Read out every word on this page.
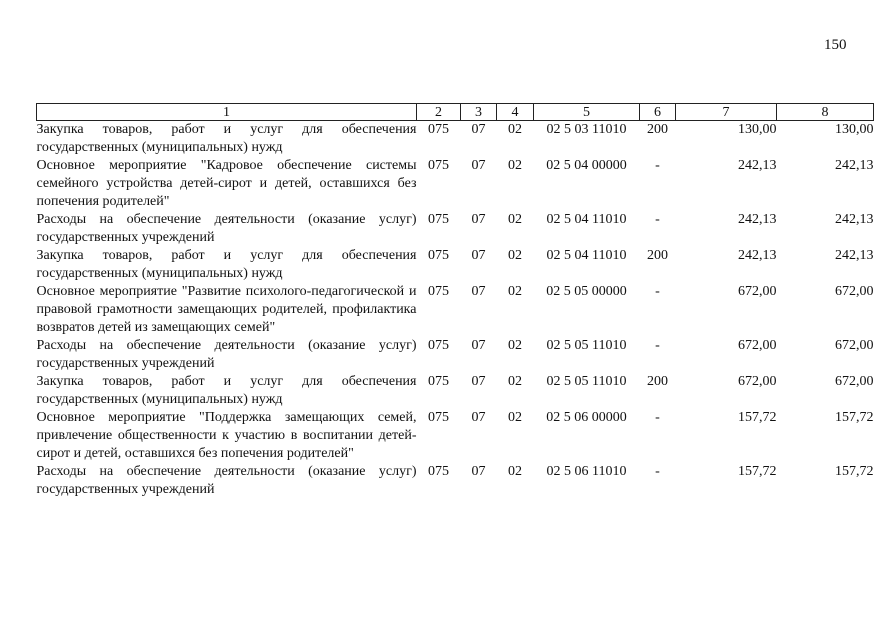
150
1	2	3	4	5	6	7	8
Закупка товаров, работ и услуг для обеспечения государственных (муниципальных) нужд	075	07	02	02 5 03 11010	200	130,00	130,00
Основное мероприятие "Кадровое обеспечение системы семейного устройства детей-сирот и детей, оставшихся без попечения родителей"	075	07	02	02 5 04 00000	-	242,13	242,13
Расходы на обеспечение деятельности (оказание услуг) государственных учреждений	075	07	02	02 5 04 11010	-	242,13	242,13
Закупка товаров, работ и услуг для обеспечения государственных (муниципальных) нужд	075	07	02	02 5 04 11010	200	242,13	242,13
Основное мероприятие "Развитие психолого-педагогической и правовой грамотности замещающих родителей, профилактика возвратов детей из замещающих семей"	075	07	02	02 5 05 00000	-	672,00	672,00
Расходы на обеспечение деятельности (оказание услуг) государственных учреждений	075	07	02	02 5 05 11010	-	672,00	672,00
Закупка товаров, работ и услуг для обеспечения государственных (муниципальных) нужд	075	07	02	02 5 05 11010	200	672,00	672,00
Основное мероприятие "Поддержка замещающих семей, привлечение общественности к участию в воспитании детей-сирот и детей, оставшихся без попечения родителей"	075	07	02	02 5 06 00000	-	157,72	157,72
Расходы на обеспечение деятельности (оказание услуг) государственных учреждений	075	07	02	02 5 06 11010	-	157,72	157,72
